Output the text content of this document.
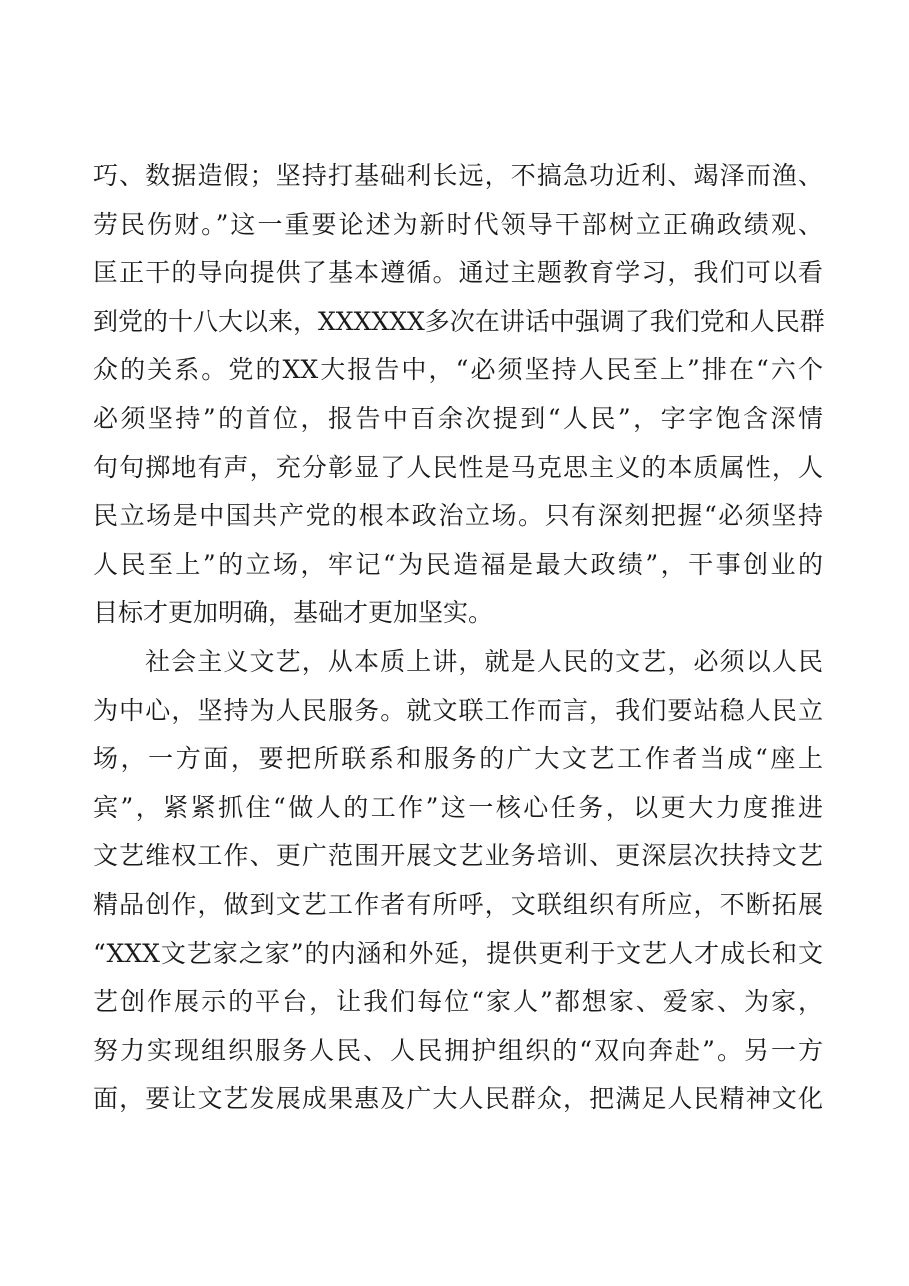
巧、数据造假；坚持打基础利长远，不搞急功近利、竭泽而渔、
劳民伤财。”这一重要论述为新时代领导干部树立正确政绩观、
匡正干的导向提供了基本遵循。通过主题教育学习，我们可以看
到党的十八大以来，XXXXXX多次在讲话中强调了我们党和人民群
众的关系。党的XX大报告中，“必须坚持人民至上”排在“六个
必须坚持”的首位，报告中百余次提到“人民”，字字饱含深情
句句掷地有声，充分彰显了人民性是马克思主义的本质属性，人
民立场是中国共产党的根本政治立场。只有深刻把握“必须坚持
人民至上”的立场，牢记“为民造福是最大政绩”，干事创业的
目标才更加明确，基础才更加坚实。
社会主义文艺，从本质上讲，就是人民的文艺，必须以人民
为中心，坚持为人民服务。就文联工作而言，我们要站稳人民立
场，一方面，要把所联系和服务的广大文艺工作者当成“座上
宾”，紧紧抓住“做人的工作”这一核心任务，以更大力度推进
文艺维权工作、更广范围开展文艺业务培训、更深层次扶持文艺
精品创作，做到文艺工作者有所呼，文联组织有所应，不断拓展
“XXX文艺家之家”的内涵和外延，提供更利于文艺人才成长和文
艺创作展示的平台，让我们每位“家人”都想家、爱家、为家，
努力实现组织服务人民、人民拥护组织的“双向奔赴”。另一方
面，要让文艺发展成果惠及广大人民群众，把满足人民精神文化
